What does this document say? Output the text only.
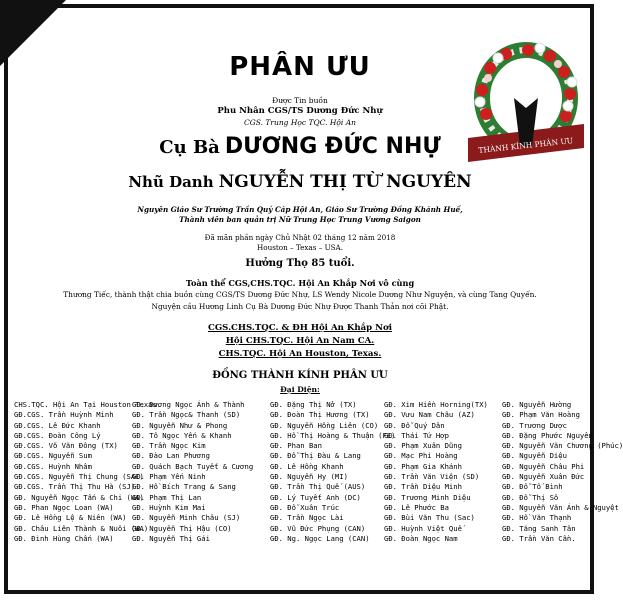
THÀNH KÍNH PHÂN ƯU
PHÂN ƯU
Được Tin buồn
Phu Nhân CGS/TS Dương Đức Nhự
CGS. Trung Học TQC. Hội An
Cụ Bà DƯƠNG ĐỨC NHỰ
Nhũ Danh NGUYỄN THỊ TỪ NGUYÊN
Nguyên Giáo Sư Trường Trần Quý Cáp Hội An, Giáo Sư Trường Đồng Khánh Huế,
Thành viên ban quản trị Nữ Trung Học Trung Vương Saigon
Đã mãn phần ngày Chủ Nhật 02 tháng 12 năm 2018
Houston – Texas – USA.
Hưởng Thọ 85 tuổi.
Toàn thể CGS,CHS.TQC. Hội An Khắp Nơi vô cùng
Thương Tiếc, thành thật chia buồn cùng CGS/TS Dương Đức Nhự, LS Wendy Nicole Dương Như Nguyện, và cùng Tang Quyến.
Nguyện cầu Hương Linh Cụ Bà Dương Đức Nhự Được Thanh Thản nơi cõi Phật.
CGS.CHS.TQC. & ĐH Hội An Khắp Nơi
Hội CHS.TQC. Hội An Nam CA.
CHS.TQC. Hội An Houston, Texas.
ĐỒNG THÀNH KÍNH PHÂN ƯU
Đại Diện:
CHS.TQC. Hội An Tại Houston Texas.
GĐ.CGS. Trần Huỳnh Minh
GĐ.CGS. Lê Đức Khanh
GĐ.CGS. Đoàn Công Lý
GĐ.CGS. Võ Văn Đông (TX)
GĐ.CGS. Nguyễn Sum
GĐ.CGS. Huỳnh Nhâm
GĐ.CGS. Nguyễn Thị Chung (SAC)
GĐ.CGS. Trần Thị Thu Hà (SJ)
GĐ. Nguyễn Ngọc Tấn & Chi (WA)
GĐ. Phan Ngọc Loan (WA)
GĐ. Lê Hồng Lệ & Niên (WA)
GĐ. Châu Liên Thành & Nuôi (WA)
GĐ. Đinh Hùng Chấn (WA)
GĐ. Dương Ngọc Ánh & Thành
GĐ. Trần Ngọc& Thanh (SD)
GĐ. Nguyễn Như & Phong
GĐ. Tô Ngọc Yến & Khanh
GĐ. Trần Ngọc Kim
GĐ. Đào Lan Phương
GĐ. Quách Bạch Tuyết & Cương
GĐ. Phạm Yến Ninh
GĐ. Hồ Bích Trang & Sang
GĐ. Phạm Thị Lan
GĐ. Huỳnh Kim Mai
GĐ. Nguyễn Minh Châu (SJ)
GĐ. Nguyễn Thị Hậu (CO)
GĐ. Nguyễn Thị Gái
GĐ. Đặng Thị Nở (TX)
GĐ. Đoàn Thị Hương (TX)
GĐ. Nguyễn Hồng Liên (CO)
GĐ. Hồ Thị Hoàng & Thuận (FL)
GĐ. Phan Ban
GĐ. Đỗ Thị Đàu & Lang
GĐ. Lê Hồng Khanh
GĐ. Nguyễn Hy (MI)
GĐ. Trần Thị Quế (AUS)
GĐ. Lý Tuyết Anh (DC)
GĐ. Đỗ Xuân Trúc
GĐ. Trần Ngọc Lài
GĐ. Vũ Đức Phụng (CAN)
GĐ. Ng. Ngọc Lang (CAN)
GĐ. Xim Hiền Horning(TX)
GĐ. Vưu Nam Châu (AZ)
GĐ. Đỗ Quý Dân
GĐ. Thái Tứ Hợp
GĐ. Phạm Xuân Dũng
GĐ. Mạc Phi Hoàng
GĐ. Phạm Gia Khánh
GĐ. Trần Văn Viện (SD)
GĐ. Trần Diệu Minh
GĐ. Trương Minh Diệu
GĐ. Lê Phước Ba
GĐ. Bùi Văn Thu (Sac)
GĐ. Huỳnh Việt Quế
GĐ. Đoàn Ngọc Nam
GĐ. Nguyễn Hường
GĐ. Phạm Văn Hoàng
GĐ. Trương Dược
GĐ. Đặng Phước Nguyên
GĐ. Nguyễn Văn Chương (Phúc)
GĐ. Nguyễn Diệu
GĐ. Nguyễn Châu Phi
GĐ. Nguyễn Xuân Đức
GĐ. Đỗ Tố Bình
GĐ. Đỗ Thị Sô
GĐ. Nguyễn Văn Ánh & Nguyệt
GĐ. Hồ Văn Thạnh
GĐ. Tăng Sanh Tân
GĐ. Trần Văn Cần.
